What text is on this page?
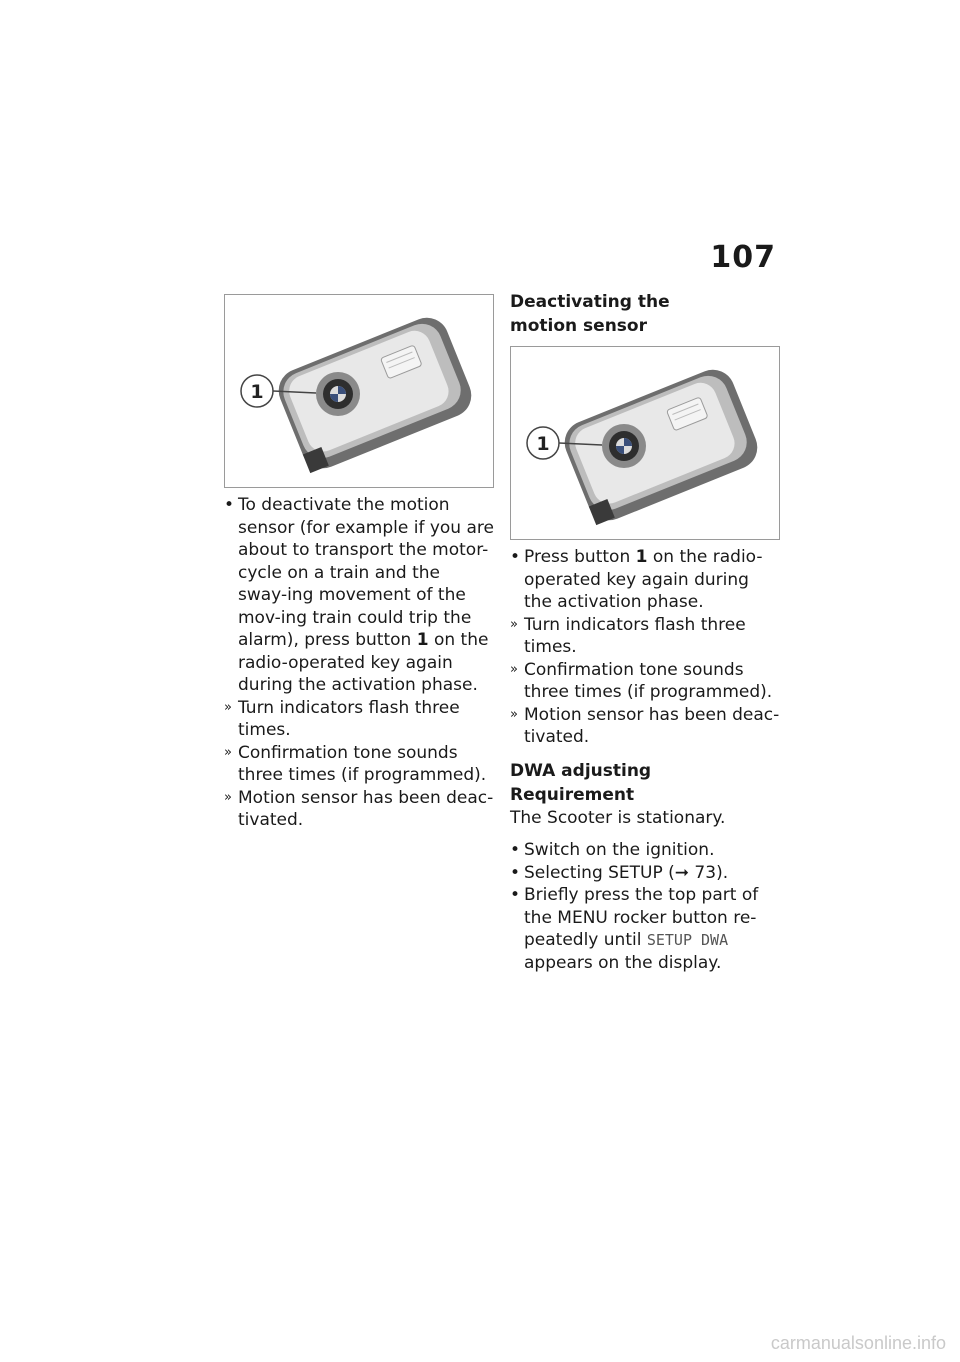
107
1
• To deactivate the motion sensor (for example if you are about to transport the motor-cycle on a train and the sway-ing movement of the mov-ing train could trip the alarm), press button 1 on the radio-operated key again during the activation phase.
» Turn indicators flash three times.
» Confirmation tone sounds three times (if programmed).
» Motion sensor has been deac-tivated.
Deactivating the motion sensor
1
• Press button 1 on the radio-operated key again during the activation phase.
» Turn indicators flash three times.
» Confirmation tone sounds three times (if programmed).
» Motion sensor has been deac-tivated.
DWA adjusting
Requirement

The Scooter is stationary.

• Switch on the ignition.
• Selecting SETUP (➞ 73).
• Briefly press the top part of the MENU rocker button re-peatedly until SETUP DWA appears on the display.
carmanualsonline.info
